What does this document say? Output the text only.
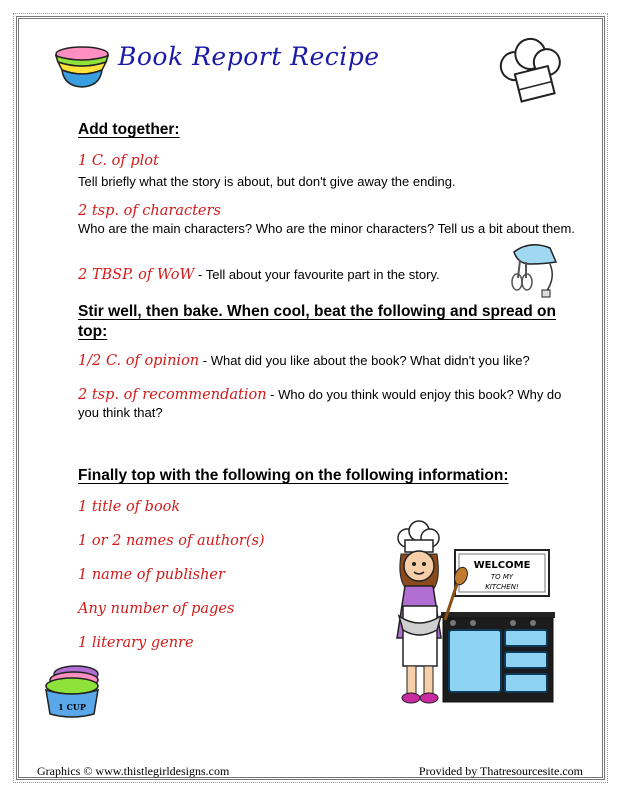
Book Report Recipe
Add together:
1 C. of plot
Tell briefly what the story is about, but don't give away the ending.
2 tsp. of characters
Who are the main characters? Who are the minor characters? Tell us a bit about them.
2 TBSP. of WoW - Tell about your favourite part in the story.
Stir well, then bake. When cool, beat the following and spread on top:
1/2 C. of opinion - What did you like about the book? What didn't you like?
2 tsp. of recommendation - Who do you think would enjoy this book? Why do you think that?
Finally top with the following on the following information:
1 title of book
1 or 2 names of author(s)
1 name of publisher
Any number of pages
1 literary genre
WELCOME
TO MY
KITCHEN!
1 CUP
Graphics © www.thistlegirldesigns.com	Provided by Thatresourcesite.com
